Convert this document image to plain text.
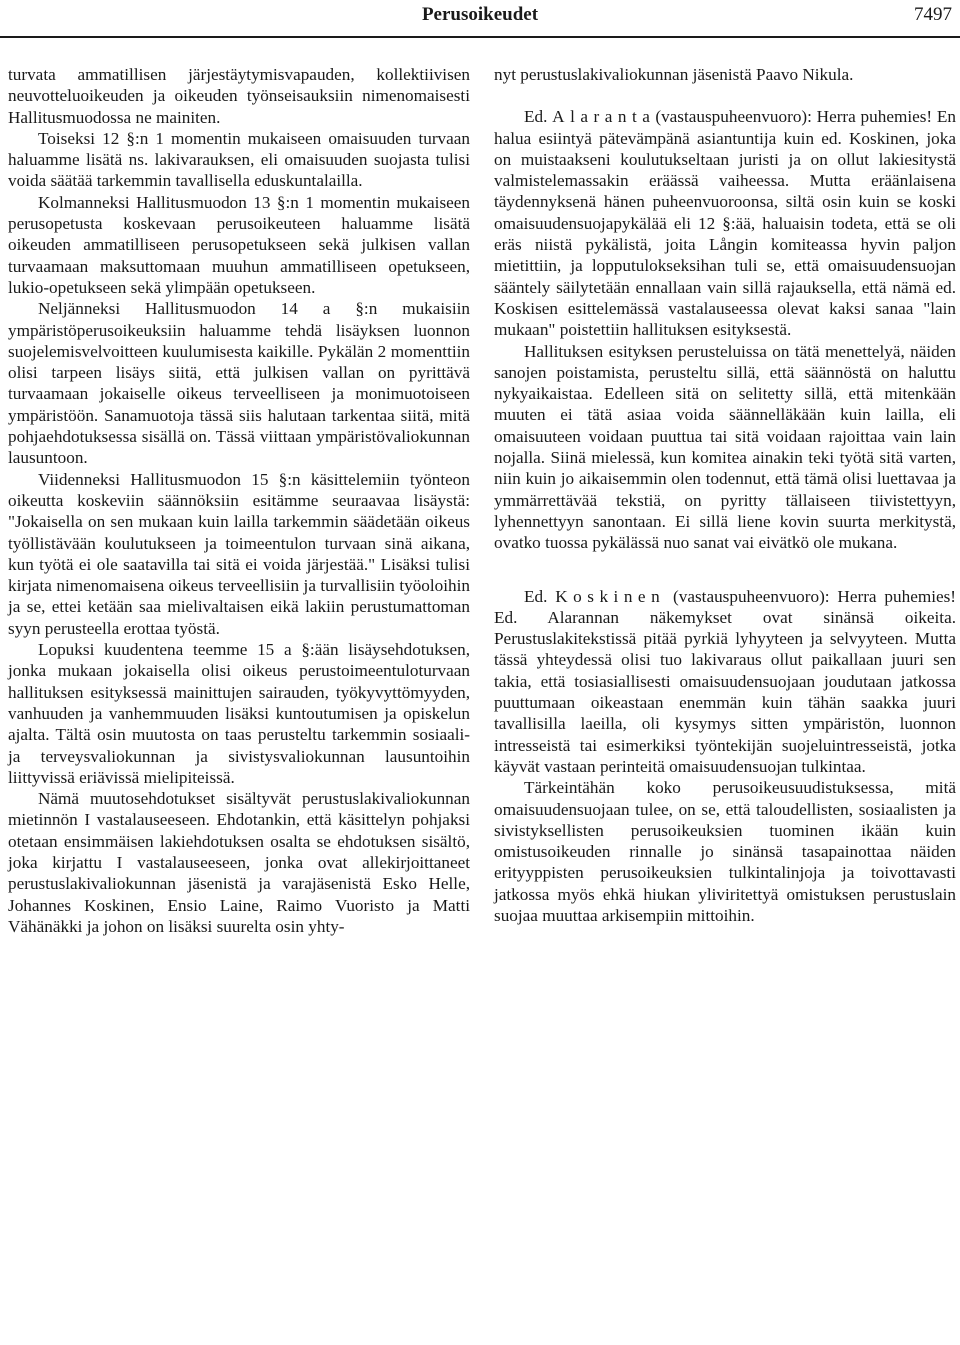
Perusoikeudet	7497

turvata ammatillisen järjestäytymisvapauden, kollektiivisen neuvotteluoikeuden ja oikeuden työnseisauksiin nimenomaisesti Hallitusmuodossa ne mainiten.

Toiseksi 12 §:n 1 momentin mukaiseen omaisuuden turvaan haluamme lisätä ns. lakivarauksen, eli omaisuuden suojasta tulisi voida säätää tarkemmin tavallisella eduskuntalailla.

Kolmanneksi Hallitusmuodon 13 §:n 1 momentin mukaiseen perusopetusta koskevaan perusoikeuteen haluamme lisätä oikeuden ammatilliseen perusopetukseen sekä julkisen vallan turvaamaan maksuttomaan muuhun ammatilliseen opetukseen, lukio-opetukseen sekä ylimpään opetukseen.

Neljänneksi Hallitusmuodon 14 a §:n mukaisiin ympäristöperusoikeuksiin haluamme tehdä lisäyksen luonnon suojelemisvelvoitteen kuulumisesta kaikille. Pykälän 2 momenttiin olisi tarpeen lisäys siitä, että julkisen vallan on pyrittävä turvaamaan jokaiselle oikeus terveelliseen ja monimuotoiseen ympäristöön. Sanamuotoja tässä siis halutaan tarkentaa siitä, mitä pohjaehdotuksessa sisällä on. Tässä viittaan ympäristövaliokunnan lausuntoon.

Viidenneksi Hallitusmuodon 15 §:n käsittelemiin työnteon oikeutta koskeviin säännöksiin esitämme seuraavaa lisäystä: "Jokaisella on sen mukaan kuin lailla tarkemmin säädetään oikeus työllistävään koulutukseen ja toimeentulon turvaan sinä aikana, kun työtä ei ole saatavilla tai sitä ei voida järjestää." Lisäksi tulisi kirjata nimenomaisena oikeus terveellisiin ja turvallisiin työoloihin ja se, ettei ketään saa mielivaltaisen eikä lakiin perustumattoman syyn perusteella erottaa työstä.

Lopuksi kuudentena teemme 15 a §:ään lisäysehdotuksen, jonka mukaan jokaisella olisi oikeus perustoimeentuloturvaan hallituksen esityksessä mainittujen sairauden, työkyvyttömyyden, vanhuuden ja vanhemmuuden lisäksi kuntoutumisen ja opiskelun ajalta. Tältä osin muutosta on taas perusteltu tarkemmin sosiaali- ja terveysvaliokunnan ja sivistysvaliokunnan lausuntoihin liittyvissä eriävissä mielipiteissä.

Nämä muutosehdotukset sisältyvät perustuslakivaliokunnan mietinnön I vastalauseeseen. Ehdotankin, että käsittelyn pohjaksi otetaan ensimmäisen lakiehdotuksen osalta se ehdotuksen sisältö, joka kirjattu I vastalauseeseen, jonka ovat allekirjoittaneet perustuslakivaliokunnan jäsenistä ja varajäsenistä Esko Helle, Johannes Koskinen, Ensio Laine, Raimo Vuoristo ja Matti Vähänäkki ja johon on lisäksi suurelta osin yhty-

nyt perustuslakivaliokunnan jäsenistä Paavo Nikula.

Ed. Alaranta(vastauspuheenvuoro): Herra puhemies! En halua esiintyä pätevämpänä asiantuntija kuin ed. Koskinen, joka on muistaakseni koulutukseltaan juristi ja on ollut lakiesitystä valmistelemassakin eräässä vaiheessa. Mutta eräänlaisena täydennyksenä hänen puheenvuoroonsa, siltä osin kuin se koski omaisuudensuojapykälää eli 12 §:ää, haluaisin todeta, että se oli eräs niistä pykälistä, joita Långin komiteassa hyvin paljon mietittiin, ja lopputulokseksihan tuli se, että omaisuudensuojan sääntely säilytetään ennallaan vain sillä rajauksella, että nämä ed. Koskisen esittelemässä vastalauseessa olevat kaksi sanaa "lain mukaan" poistettiin hallituksen esityksestä.

Hallituksen esityksen perusteluissa on tätä menettelyä, näiden sanojen poistamista, perusteltu sillä, että säännöstä on haluttu nykyaikaistaa. Edelleen sitä on selitetty sillä, että mitenkään muuten ei tätä asiaa voida säännelläkään kuin lailla, eli omaisuuteen voidaan puuttua tai sitä voidaan rajoittaa vain lain nojalla. Siinä mielessä, kun komitea ainakin teki työtä sitä varten, niin kuin jo aikaisemmin olen todennut, että tämä olisi luettavaa ja ymmärrettävää tekstiä, on pyritty tällaiseen tiivistettyyn, lyhennettyyn sanontaan. Ei sillä liene kovin suurta merkitystä, ovatko tuossa pykälässä nuo sanat vai eivätkö ole mukana.

Ed. Koskinen (vastauspuheenvuoro): Herra puhemies! Ed. Alarannan näkemykset ovat sinänsä oikeita. Perustuslakitekstissä pitää pyrkiä lyhyyteen ja selvyyteen. Mutta tässä yhteydessä olisi tuo lakivaraus ollut paikallaan juuri sen takia, että tosiasiallisesti omaisuudensuojaan joudutaan jatkossa puuttumaan oikeastaan enemmän kuin tähän saakka juuri tavallisilla laeilla, oli kysymys sitten ympäristön, luonnon intresseistä tai esimerkiksi työntekijän suojeluintresseistä, jotka käyvät vastaan perinteitä omaisuudensuojan tulkintaa.

Tärkeintähän koko perusoikeusuudistuksessa, mitä omaisuudensuojaan tulee, on se, että taloudellisten, sosiaalisten ja sivistyksellisten perusoikeuksien tuominen ikään kuin omistusoikeuden rinnalle jo sinänsä tasapainottaa näiden erityyppisten perusoikeuksien tulkintalinjoja ja toivottavasti jatkossa myös ehkä hiukan yliviritettyä omistuksen perustuslain suojaa muuttaa arkisempiin mittoihin.
